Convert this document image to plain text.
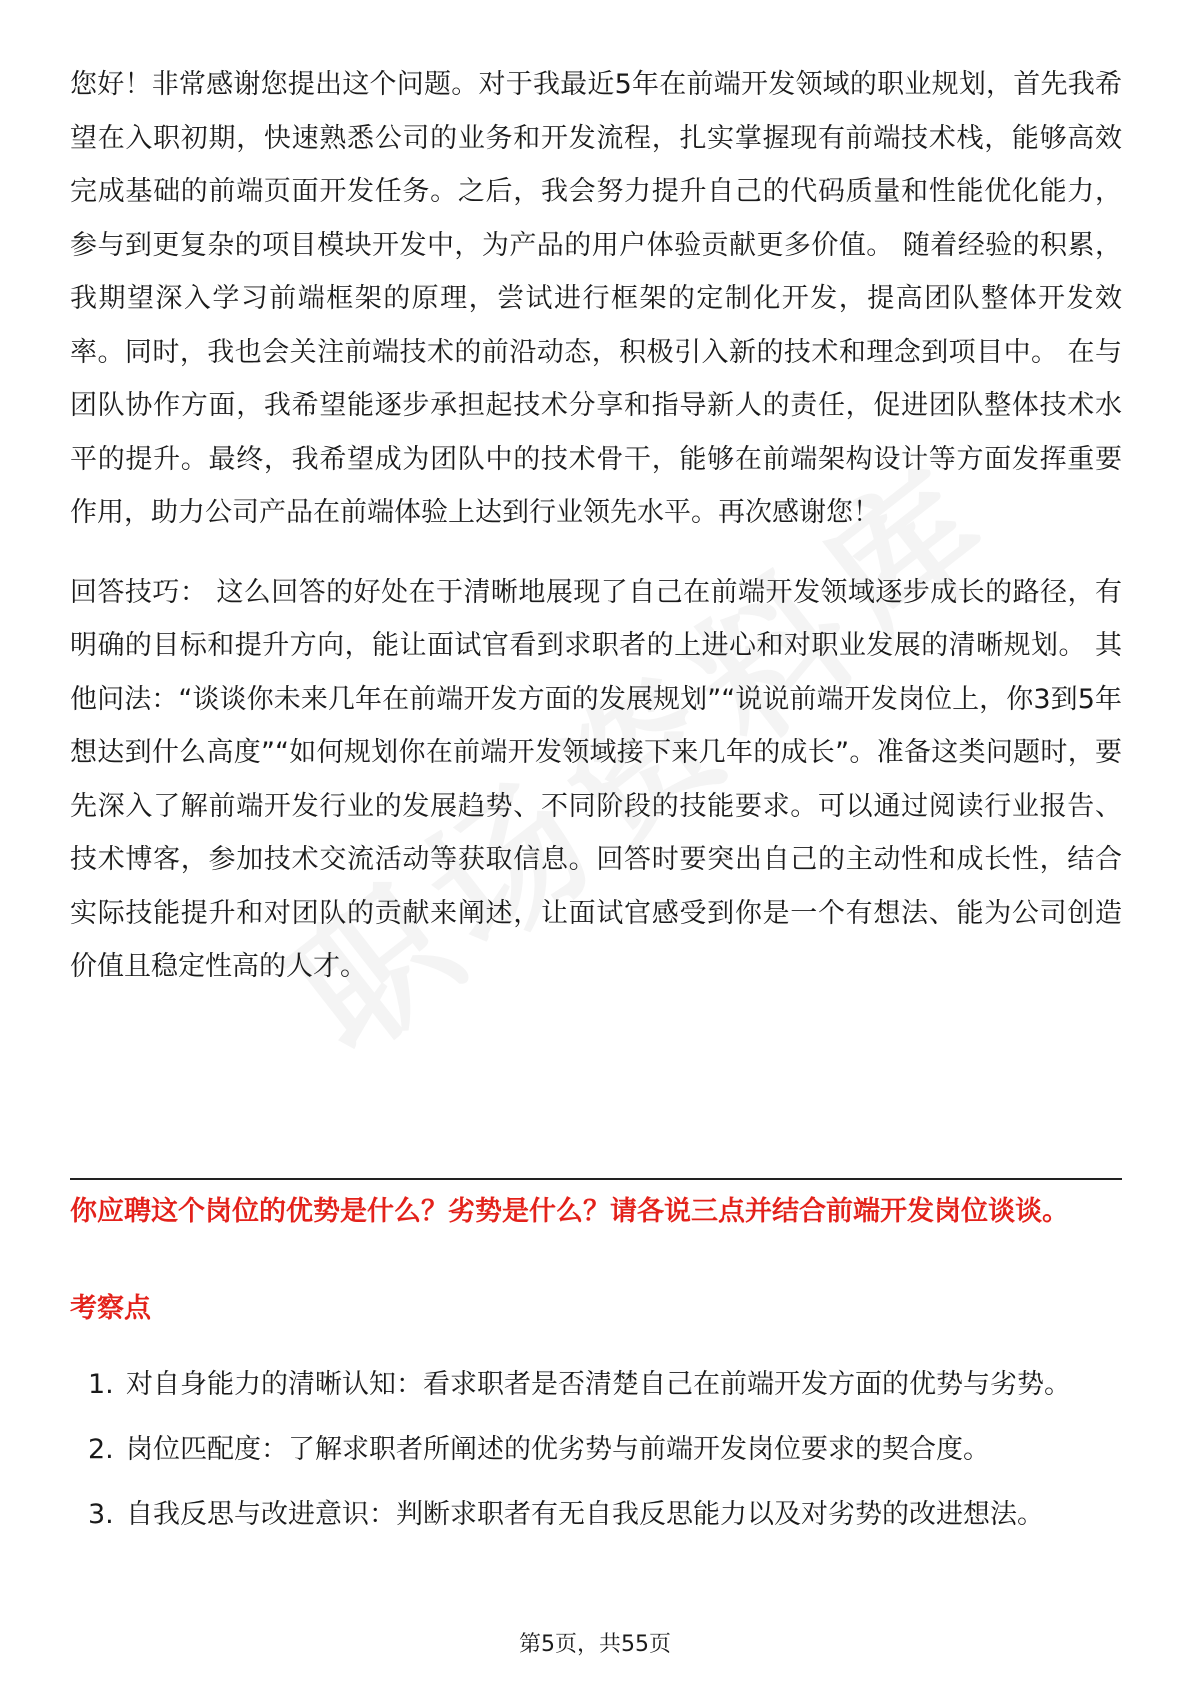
您好！非常感谢您提出这个问题。对于我最近5年在前端开发领域的职业规划，首先我希望在入职初期，快速熟悉公司的业务和开发流程，扎实掌握现有前端技术栈，能够高效完成基础的前端页面开发任务。之后，我会努力提升自己的代码质量和性能优化能力，参与到更复杂的项目模块开发中，为产品的用户体验贡献更多价值。 随着经验的积累，我期望深入学习前端框架的原理，尝试进行框架的定制化开发，提高团队整体开发效率。同时，我也会关注前端技术的前沿动态，积极引入新的技术和理念到项目中。 在与团队协作方面，我希望能逐步承担起技术分享和指导新人的责任，促进团队整体技术水平的提升。最终，我希望成为团队中的技术骨干，能够在前端架构设计等方面发挥重要作用，助力公司产品在前端体验上达到行业领先水平。再次感谢您！

回答技巧： 这么回答的好处在于清晰地展现了自己在前端开发领域逐步成长的路径，有明确的目标和提升方向，能让面试官看到求职者的上进心和对职业发展的清晰规划。 其他问法：“谈谈你未来几年在前端开发方面的发展规划”“说说前端开发岗位上，你3到5年想达到什么高度”“如何规划你在前端开发领域接下来几年的成长”。准备这类问题时，要先深入了解前端开发行业的发展趋势、不同阶段的技能要求。可以通过阅读行业报告、技术博客，参加技术交流活动等获取信息。回答时要突出自己的主动性和成长性，结合实际技能提升和对团队的贡献来阐述，让面试官感受到你是一个有想法、能为公司创造价值且稳定性高的人才。

你应聘这个岗位的优势是什么？劣势是什么？请各说三点并结合前端开发岗位谈谈。

考察点

1. 对自身能力的清晰认知：看求职者是否清楚自己在前端开发方面的优势与劣势。
2. 岗位匹配度：了解求职者所阐述的优劣势与前端开发岗位要求的契合度。
3. 自我反思与改进意识：判断求职者有无自我反思能力以及对劣势的改进想法。
第5页，共55页
